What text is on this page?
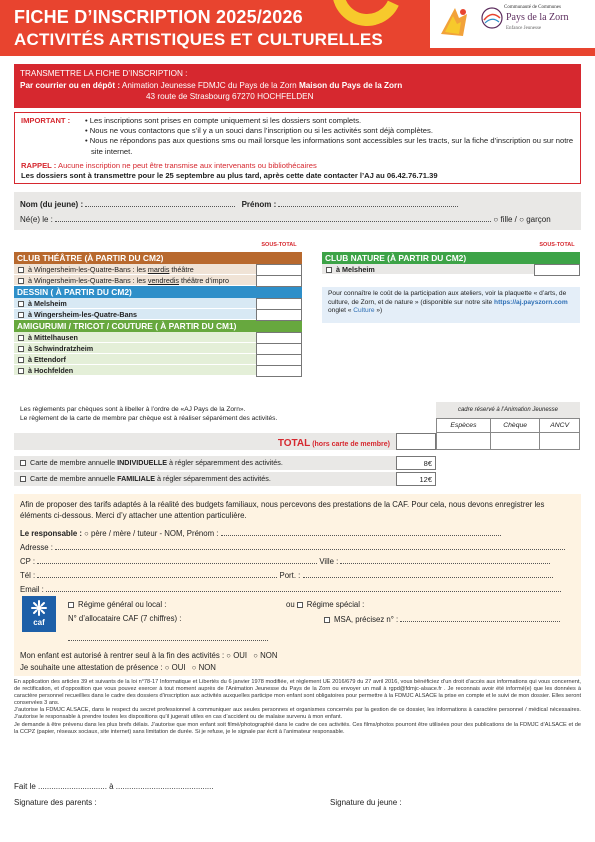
FICHE D’INSCRIPTION 2025/2026
ACTIVITÉS ARTISTIQUES ET CULTURELLES
Communauté de Communes
Pays de la Zorn
Enfance Jeunesse
TRANSMETTRE LA FICHE D’INSCRIPTION :
Par courrier ou en dépôt : Animation Jeunesse FDMJC du Pays de la Zorn Maison du Pays de la Zorn
43 route de Strasbourg 67270 HOCHFELDEN
IMPORTANT : • Les inscriptions sont prises en compte uniquement si les dossiers sont complets.
• Nous ne vous contactons que s’il y a un souci dans l’inscription ou si les activités sont déjà complètes.
• Nous ne répondons pas aux questions sms ou mail lorsque les informations sont accessibles sur les tracts, sur la fiche d’inscription ou sur notre site internet.
RAPPEL : Aucune inscription ne peut être transmise aux intervenants ou bibliothécaires
Les dossiers sont à transmettre pour le 25 septembre au plus tard, après cette date contacter l’AJ au 06.42.76.71.39
Nom (du jeune) :	Prénom :
Né(e) le :	○ fille / ○ garçon
SOUS-TOTAL
CLUB THÉÂTRE (À PARTIR DU CM2)
à Wingersheim-les-Quatre-Bans : les mardis théâtre
à Wingersheim-les-Quatre-Bans : les vendredis théâtre d’impro
DESSIN ( À PARTIR DU CM2)
à Melsheim
à Wingersheim-les-Quatre-Bans
AMIGURUMI / TRICOT / COUTURE ( À PARTIR DU CM1)
à Mittelhausen
à Schwindratzheim
à Ettendorf
à Hochfelden
SOUS-TOTAL
CLUB NATURE (À PARTIR DU CM2)
à Melsheim
Pour connaître le coût de la participation aux ateliers, voir la plaquette « d’arts, de culture, de Zorn, et de nature » (disponible sur notre site https://aj.payszorn.com onglet « Culture »)
Les règlements par chèques sont à libeller à l’ordre de «AJ Pays de la Zorn».
Le règlement de la carte de membre par chèque est à réaliser séparément des activités.
cadre réservé à l’Animation Jeunesse
Espèces	Chèque	ANCV

TOTAL (hors carte de membre)
Carte de membre annuelle INDIVIDUELLE à régler séparemment des activités.	8€
Carte de membre annuelle FAMILIALE à régler séparemment des activités.	12€
Afin de proposer des tarifs adaptés à la réalité des budgets familiaux, nous percevons des prestations de la CAF. Pour cela, nous devons enregistrer les éléments ci-dessous. Merci d’y attacher une attention particulière.
Le responsable : ○ père / mère / tuteur - NOM, Prénom :
Adresse :
CP :	Ville :
Tél :	Port. :
Email :
caf
Régime général ou local :
N° d’allocataire CAF (7 chiffres) :
ou Régime spécial :
MSA, précisez n° :
Mon enfant est autorisé à rentrer seul à la fin des activités : ○ OUI ○ NON
Je souhaite une attestation de présence : ○ OUI ○ NON

En application des articles 39 et suivants de la loi n°78-17 Informatique et Libertés du 6 janvier 1978 modifiée, et règlement UE 2016/679 du 27 avril 2016, vous bénéficiez d’un droit d’accès aux informations qui vous concernent, de rectification, et d’opposition que vous pouvez exercer à tout moment auprès de l’Animation Jeunesse du Pays de la Zorn ou envoyer un mail à rgpd@fdmjc-alsace.fr . Je reconnais avoir été informé(e) que les données à caractère personnel recueillies dans le cadre des dossiers d’inscription aux activités auxquelles participe mon enfant sont obligatoires pour permettre à la FDMJC ALSACE la prise en compte et le suivi de mon dossier. Elles seront conservées 3 ans.

J’autorise la FDMJC ALSACE, dans le respect du secret professionnel à communiquer aux seules personnes et organismes concernés par la gestion de ce dossier, les informations à caractère personnel / médical nécessaires. J’autorise le responsable à prendre toutes les dispositions qu’il jugerait utiles en cas d’accident ou de malaise survenu à mon enfant.

Je demande à être prévenu dans les plus brefs délais. J’autorise que mon enfant soit filmé/photographié dans le cadre de ces activités. Ces films/photos pourront être utilisées pour des publications de la FDMJC d’ALSACE et de la CCPZ (papier, réseaux sociaux, site internet) sans limitation de durée. Si je refuse, je le signale par écrit à l’animateur responsable.

Fait le ............................... à ............................................
Signature des parents :	Signature du jeune :
